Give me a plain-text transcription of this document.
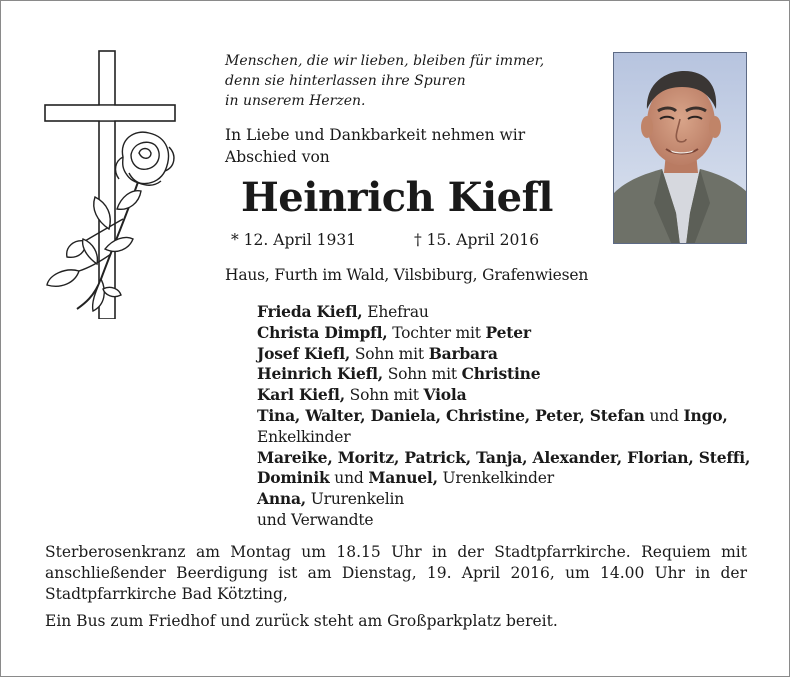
Menschen, die wir lieben, bleiben für immer,
denn sie hinterlassen ihre Spuren
in unserem Herzen.

In Liebe und Dankbarkeit nehmen wir
Abschied von

Heinrich Kiefl
* 12. April 1931	† 15. April 2016
Haus, Furth im Wald, Vilsbiburg, Grafenwiesen
Frieda Kiefl, Ehefrau
Christa Dimpfl, Tochter mit Peter
Josef Kiefl, Sohn mit Barbara
Heinrich Kiefl, Sohn mit Christine
Karl Kiefl, Sohn mit Viola
Tina, Walter, Daniela, Christine, Peter, Stefan und Ingo,
Enkelkinder
Mareike, Moritz, Patrick, Tanja, Alexander, Florian, Steffi,
Dominik und Manuel, Urenkelkinder
Anna, Ururenkelin
und Verwandte

Sterberosenkranz am Montag um 18.15 Uhr in der Stadtpfarrkirche. Requiem mit
anschließender Beerdigung ist am Dienstag, 19. April 2016, um 14.00 Uhr in der
Stadtpfarrkirche Bad Kötzting,

Ein Bus zum Friedhof und zurück steht am Großparkplatz bereit.
